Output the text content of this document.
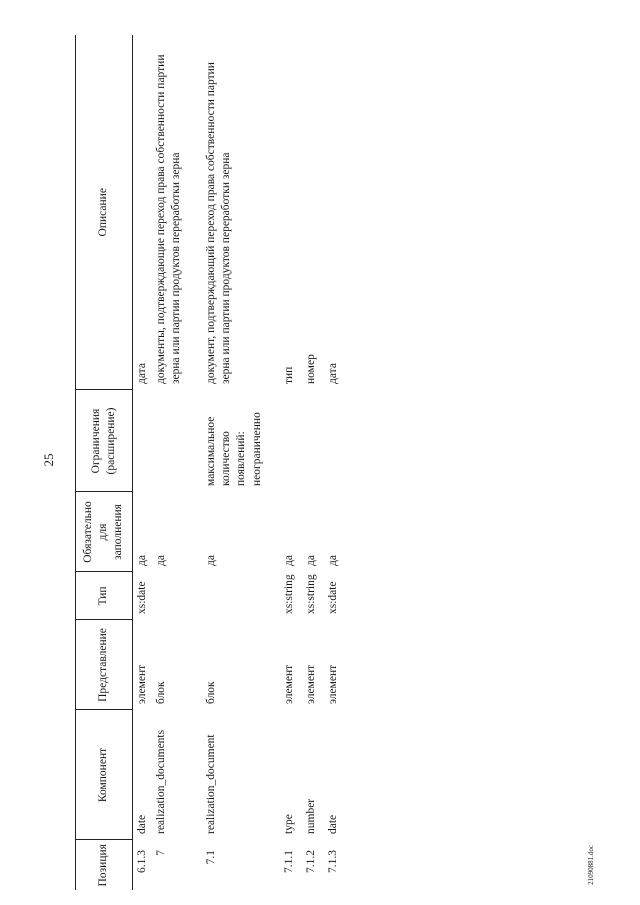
25
Позиция	Компонент	Представление	Тип	Обязательно для заполнения	Ограничения (расширение)	Описание
6.1.3	date	элемент	xs:date	да		дата
7	realization_documents	блок		да		документы, подтверждающие переход права собственности партии зерна или партии продуктов переработки зерна
7.1	realization_document	блок		да	максимальное количество появлений: неограниченно	документ, подтверждающий переход права собственности партии зерна или партии продуктов переработки зерна
7.1.1	type	элемент	xs:string	да		тип
7.1.2	number	элемент	xs:string	да		номер
7.1.3	date	элемент	xs:date	да		дата
21090881.doc
